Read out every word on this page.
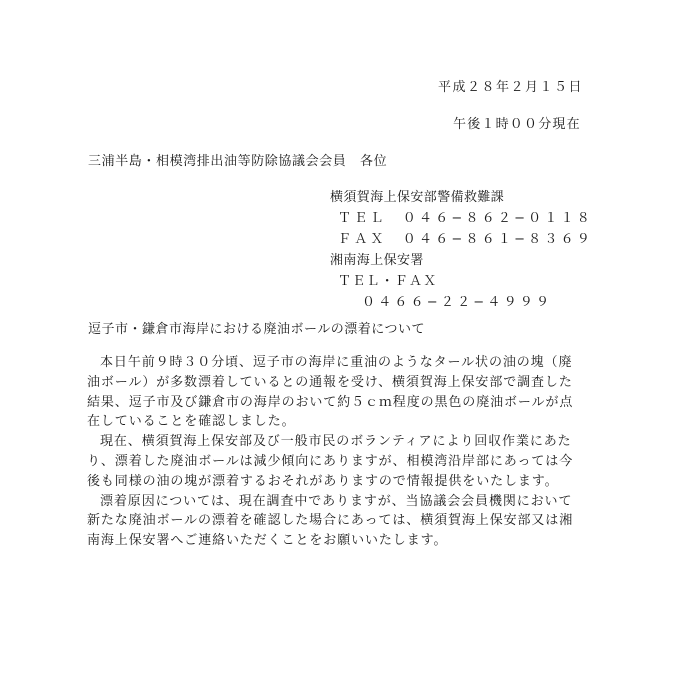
平成２８年２月１５日
午後１時００分現在
三浦半島・相模湾排出油等防除協議会会員　各位
横須賀海上保安部警備救難課
ＴＥＬ　０４６−８６２−０１１８
ＦＡＸ　０４６−８６１−８３６９
湘南海上保安署
ＴＥＬ・ＦＡＸ
０４６６−２２−４９９９
逗子市・鎌倉市海岸における廃油ボールの漂着について

本日午前９時３０分頃、逗子市の海岸に重油のようなタール状の油の塊（廃
油ボール）が多数漂着しているとの通報を受け、横須賀海上保安部で調査した
結果、逗子市及び鎌倉市の海岸のおいて約５ｃｍ程度の黒色の廃油ボールが点
在していることを確認しました。

現在、横須賀海上保安部及び一般市民のボランティアにより回収作業にあた
り、漂着した廃油ボールは減少傾向にありますが、相模湾沿岸部にあっては今
後も同様の油の塊が漂着するおそれがありますので情報提供をいたします。

漂着原因については、現在調査中でありますが、当協議会会員機関において
新たな廃油ボールの漂着を確認した場合にあっては、横須賀海上保安部又は湘
南海上保安署へご連絡いただくことをお願いいたします。
